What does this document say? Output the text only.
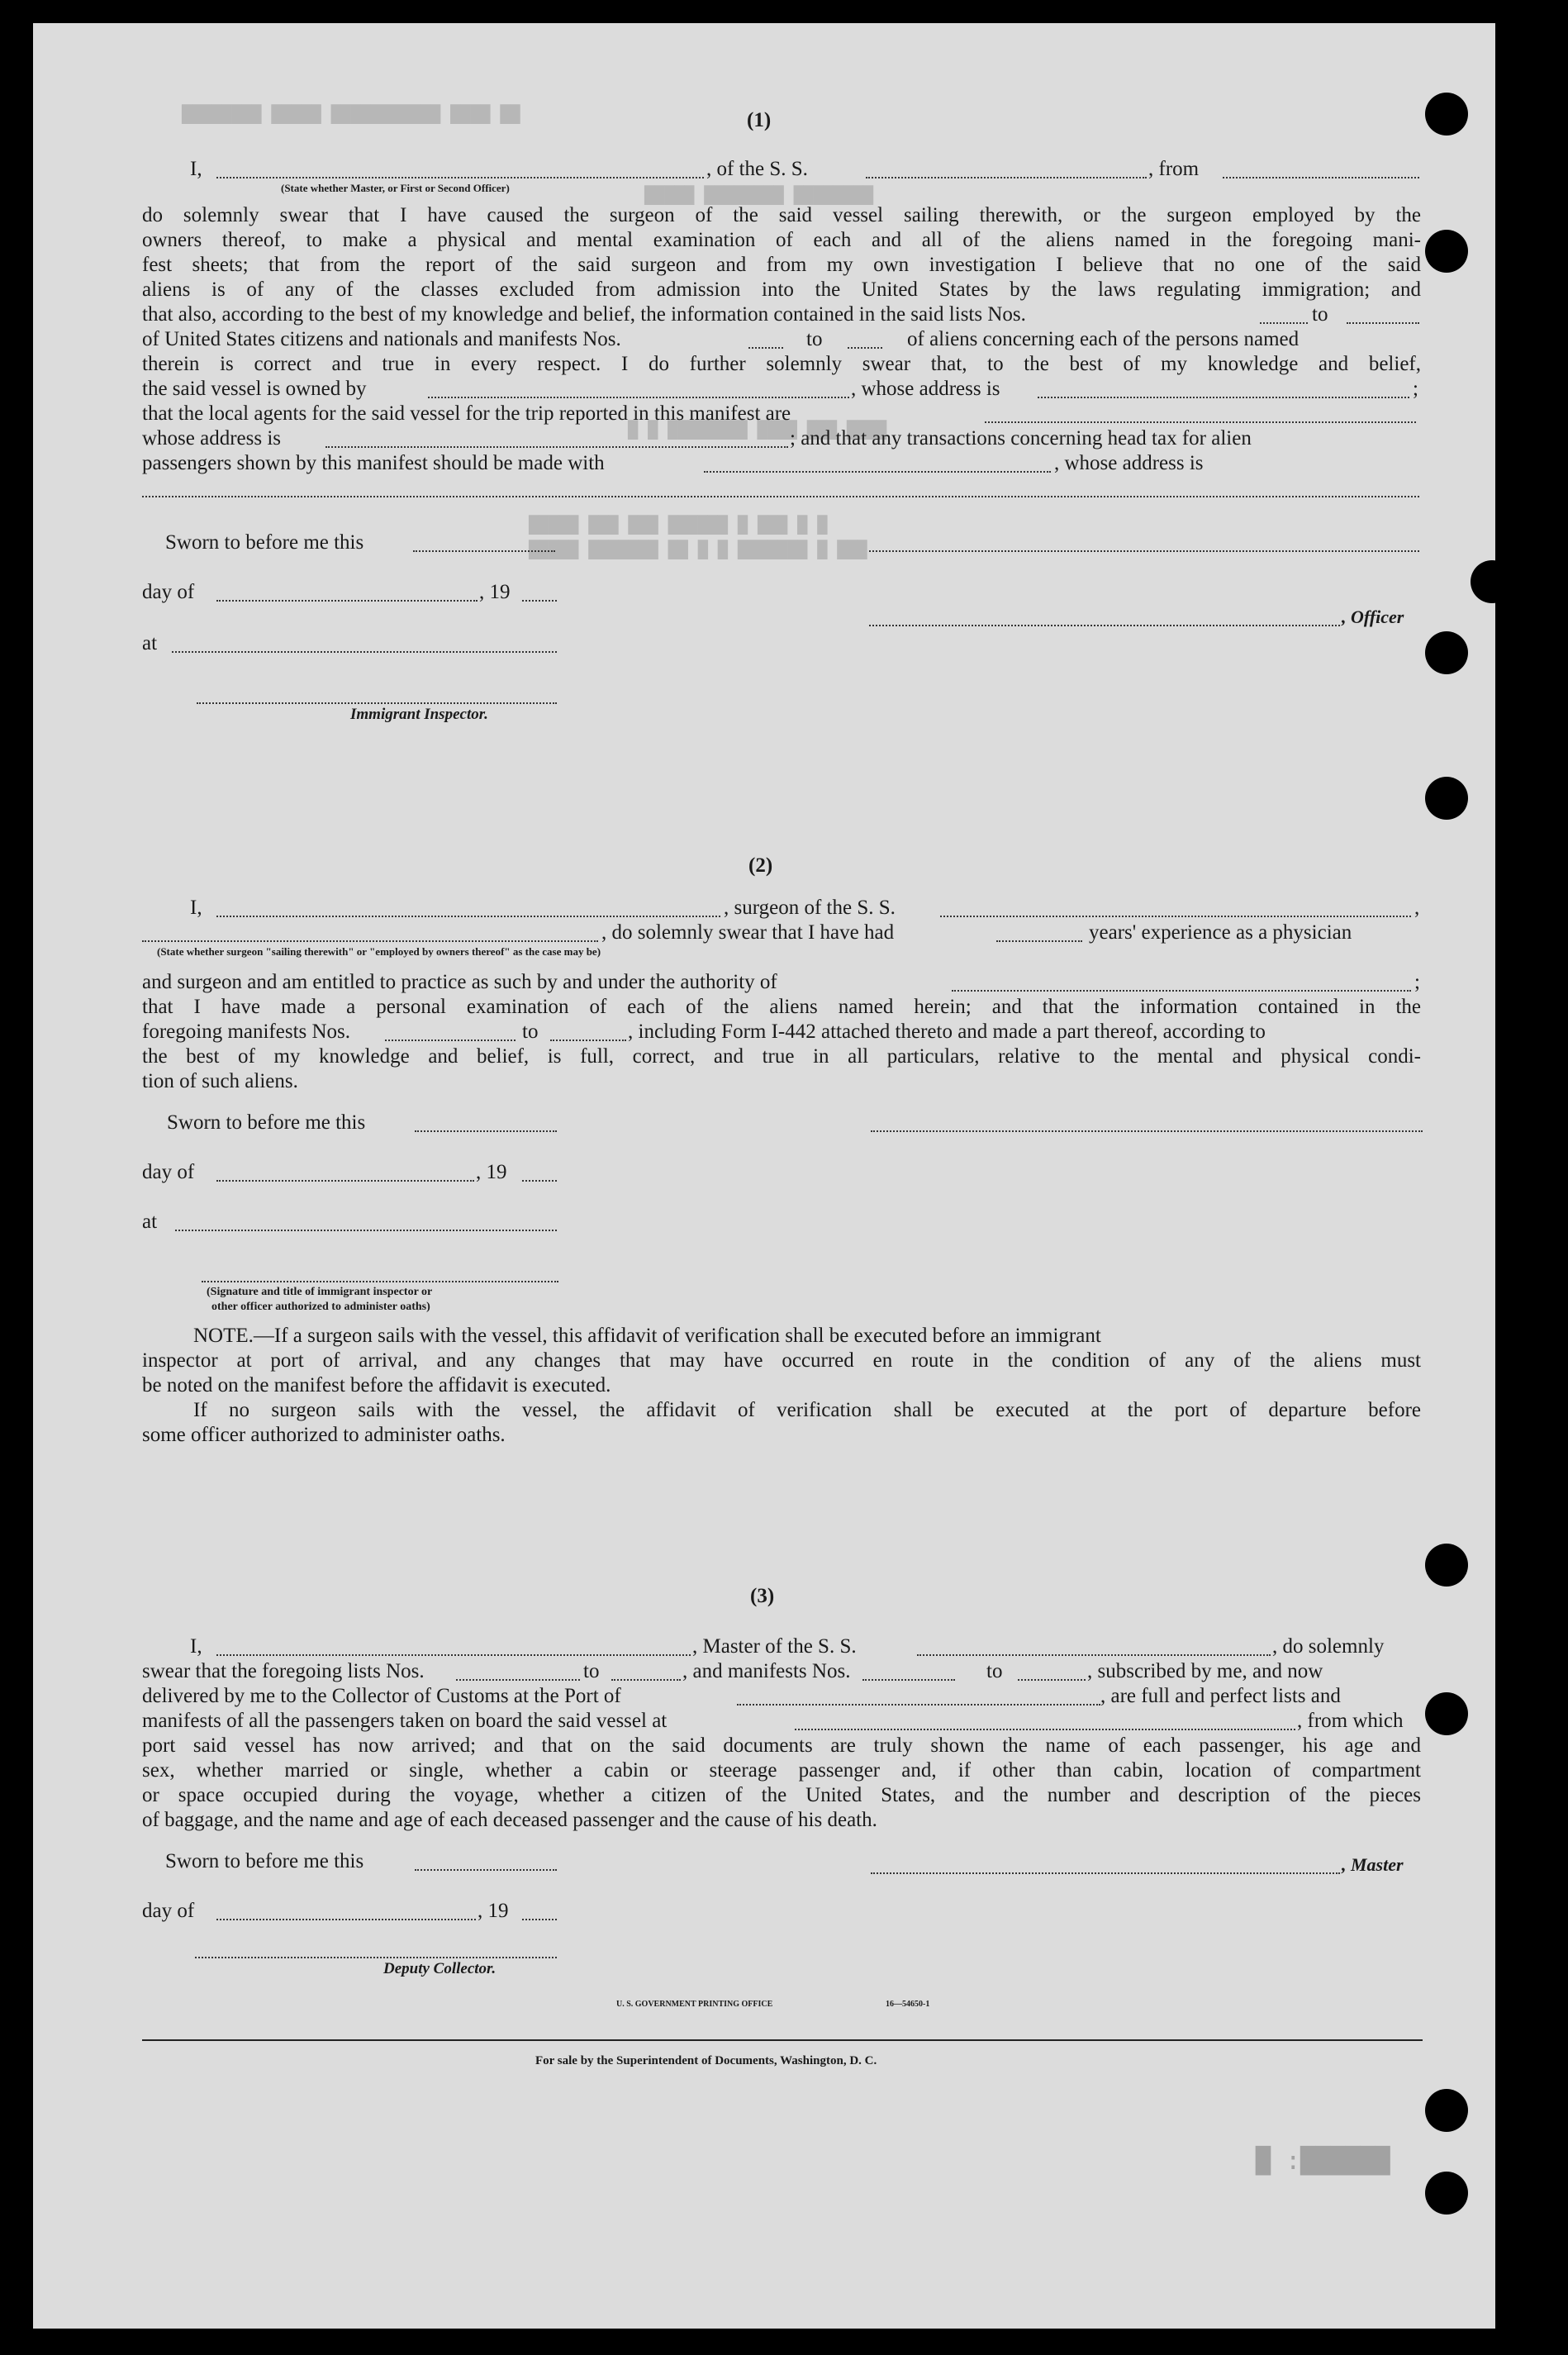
████████ █████ ███████████ ████ ██
█████ ████████ ████████
█ █ ████████ ████ ███ ████
█████ ███ ███ ██████ █ ███ █ █
█████ ███████ ██ █ █ ███████ █ ███
██████: █
(1)
I,	, of the S. S.	, from
(State whether Master, or First or Second Officer)
do solemnly swear that I have caused the surgeon of the said vessel sailing therewith, or the surgeon employed by the
owners thereof, to make a physical and mental examination of each and all of the aliens named in the foregoing mani-
fest sheets; that from the report of the said surgeon and from my own investigation I believe that no one of the said
aliens is of any of the classes excluded from admission into the United States by the laws regulating immigration; and
that also, according to the best of my knowledge and belief, the information contained in the said lists Nos.	to
of United States citizens and nationals and manifests Nos.	to	of aliens concerning each of the persons named
therein is correct and true in every respect. I do further solemnly swear that, to the best of my knowledge and belief,
the said vessel is owned by	, whose address is	;
that the local agents for the said vessel for the trip reported in this manifest are
whose address is	; and that any transactions concerning head tax for alien
passengers shown by this manifest should be made with	, whose address is
Sworn to before me this
day of	, 19
, Officer
at
Immigrant Inspector.
(2)
I,	, surgeon of the S. S.	,
, do solemnly swear that I have had	years' experience as a physician
(State whether surgeon "sailing therewith" or "employed by owners thereof" as the case may be)
and surgeon and am entitled to practice as such by and under the authority of	;
that I have made a personal examination of each of the aliens named herein; and that the information contained in the
foregoing manifests Nos.	to	, including Form I-442 attached thereto and made a part thereof, according to
the best of my knowledge and belief, is full, correct, and true in all particulars, relative to the mental and physical condi-
tion of such aliens.
Sworn to before me this
day of	, 19
at
(Signature and title of immigrant inspector or
other officer authorized to administer oaths)
NOTE.—If a surgeon sails with the vessel, this affidavit of verification shall be executed before an immigrant
inspector at port of arrival, and any changes that may have occurred en route in the condition of any of the aliens must
be noted on the manifest before the affidavit is executed.
If no surgeon sails with the vessel, the affidavit of verification shall be executed at the port of departure before
some officer authorized to administer oaths.
(3)
I,	, Master of the S. S.	, do solemnly
swear that the foregoing lists Nos.	to	, and manifests Nos.	to	, subscribed by me, and now
delivered by me to the Collector of Customs at the Port of	, are full and perfect lists and
manifests of all the passengers taken on board the said vessel at	, from which
port said vessel has now arrived; and that on the said documents are truly shown the name of each passenger, his age and
sex, whether married or single, whether a cabin or steerage passenger and, if other than cabin, location of compartment
or space occupied during the voyage, whether a citizen of the United States, and the number and description of the pieces
of baggage, and the name and age of each deceased passenger and the cause of his death.
Sworn to before me this	, Master
day of	, 19
Deputy Collector.
U. S. GOVERNMENT PRINTING OFFICE	16—54650-1
For sale by the Superintendent of Documents, Washington, D. C.
